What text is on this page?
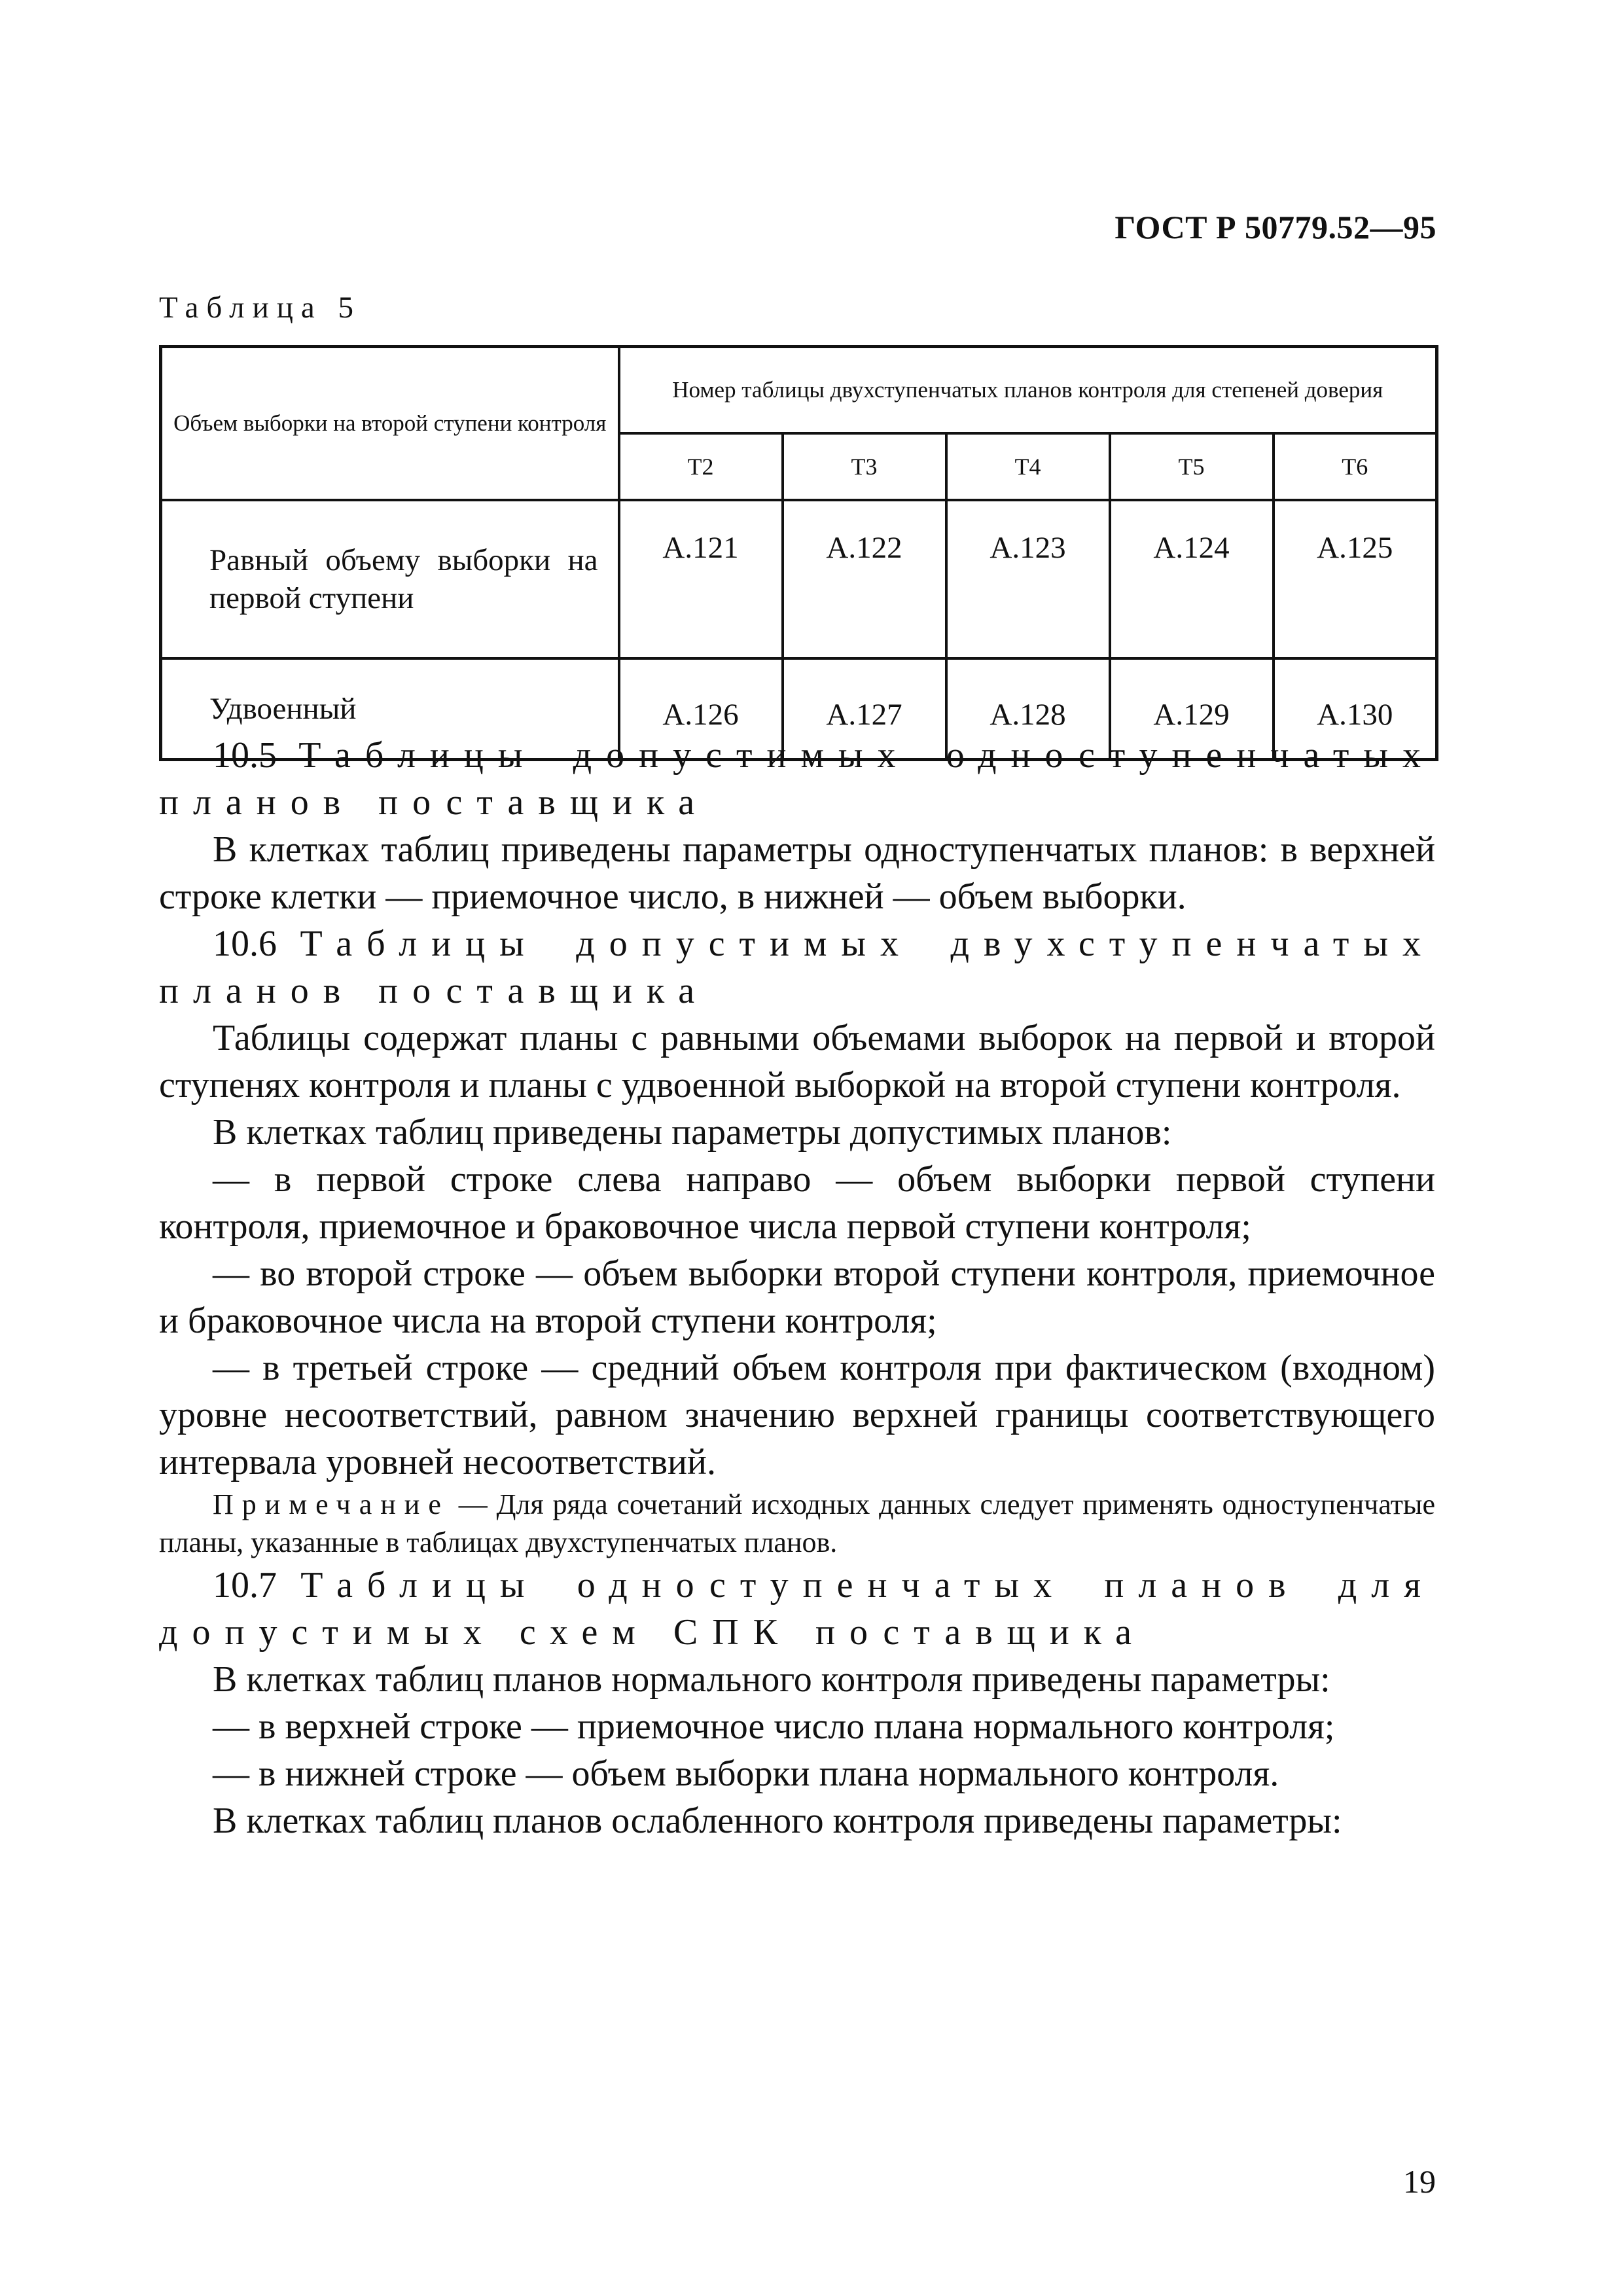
ГОСТ Р 50779.52—95
Таблица 5
Объем выборки на второй ступени контроля	Номер таблицы двухступенчатых планов контроля для степеней доверия				
	Т2	Т3	Т4	Т5	Т6
Равный объему выборки на первой ступени	А.121	А.122	А.123	А.124	А.125
Удвоенный	А.126	А.127	А.128	А.129	А.130

10.5 Таблицы допустимых одноступенчатых планов поставщика

В клетках таблиц приведены параметры одноступенчатых планов: в верхней строке клетки — приемочное число, в нижней — объем выборки.

10.6 Таблицы допустимых двухступенчатых планов поставщика

Таблицы содержат планы с равными объемами выборок на первой и второй ступенях контроля и планы с удвоенной выборкой на второй ступени контроля.

В клетках таблиц приведены параметры допустимых планов:

— в первой строке слева направо — объем выборки первой ступени контроля, приемочное и браковочное числа первой ступени контроля;

— во второй строке — объем выборки второй ступени контроля, приемочное и браковочное числа на второй ступени контроля;

— в третьей строке — средний объем контроля при фактическом (входном) уровне несоответствий, равном значению верхней границы соответствующего интервала уровней несоответствий.

Примечание — Для ряда сочетаний исходных данных следует применять одноступенчатые планы, указанные в таблицах двухступенчатых планов.

10.7 Таблицы одноступенчатых планов для допустимых схем СПК поставщика

В клетках таблиц планов нормального контроля приведены параметры:

— в верхней строке — приемочное число плана нормального контроля;

— в нижней строке — объем выборки плана нормального контроля.

В клетках таблиц планов ослабленного контроля приведены параметры:

19
